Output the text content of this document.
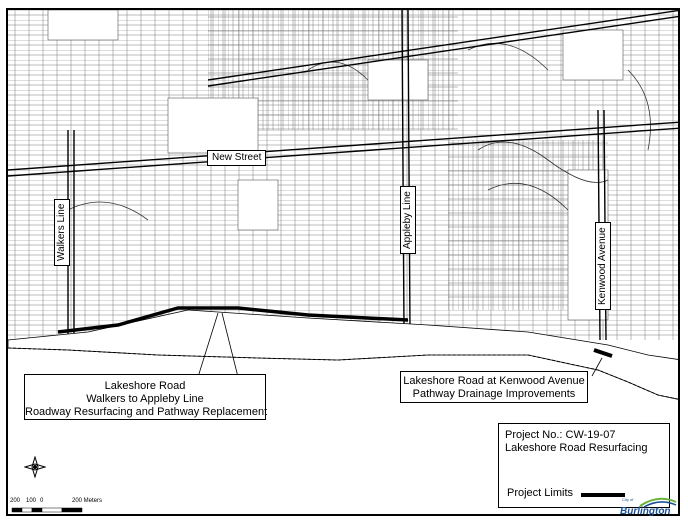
New Street
Walkers Line	Appleby Line
Kenwood Avenue
Lakeshore Road
Walkers to Appleby Line
Roadway Resurfacing and Pathway Replacement
Lakeshore Road at Kenwood Avenue
Pathway Drainage Improvements
Project No.: CW-19-07
Lakeshore Road Resurfacing
Project Limits
200 100 0	200 Meters	City of
Burlington
